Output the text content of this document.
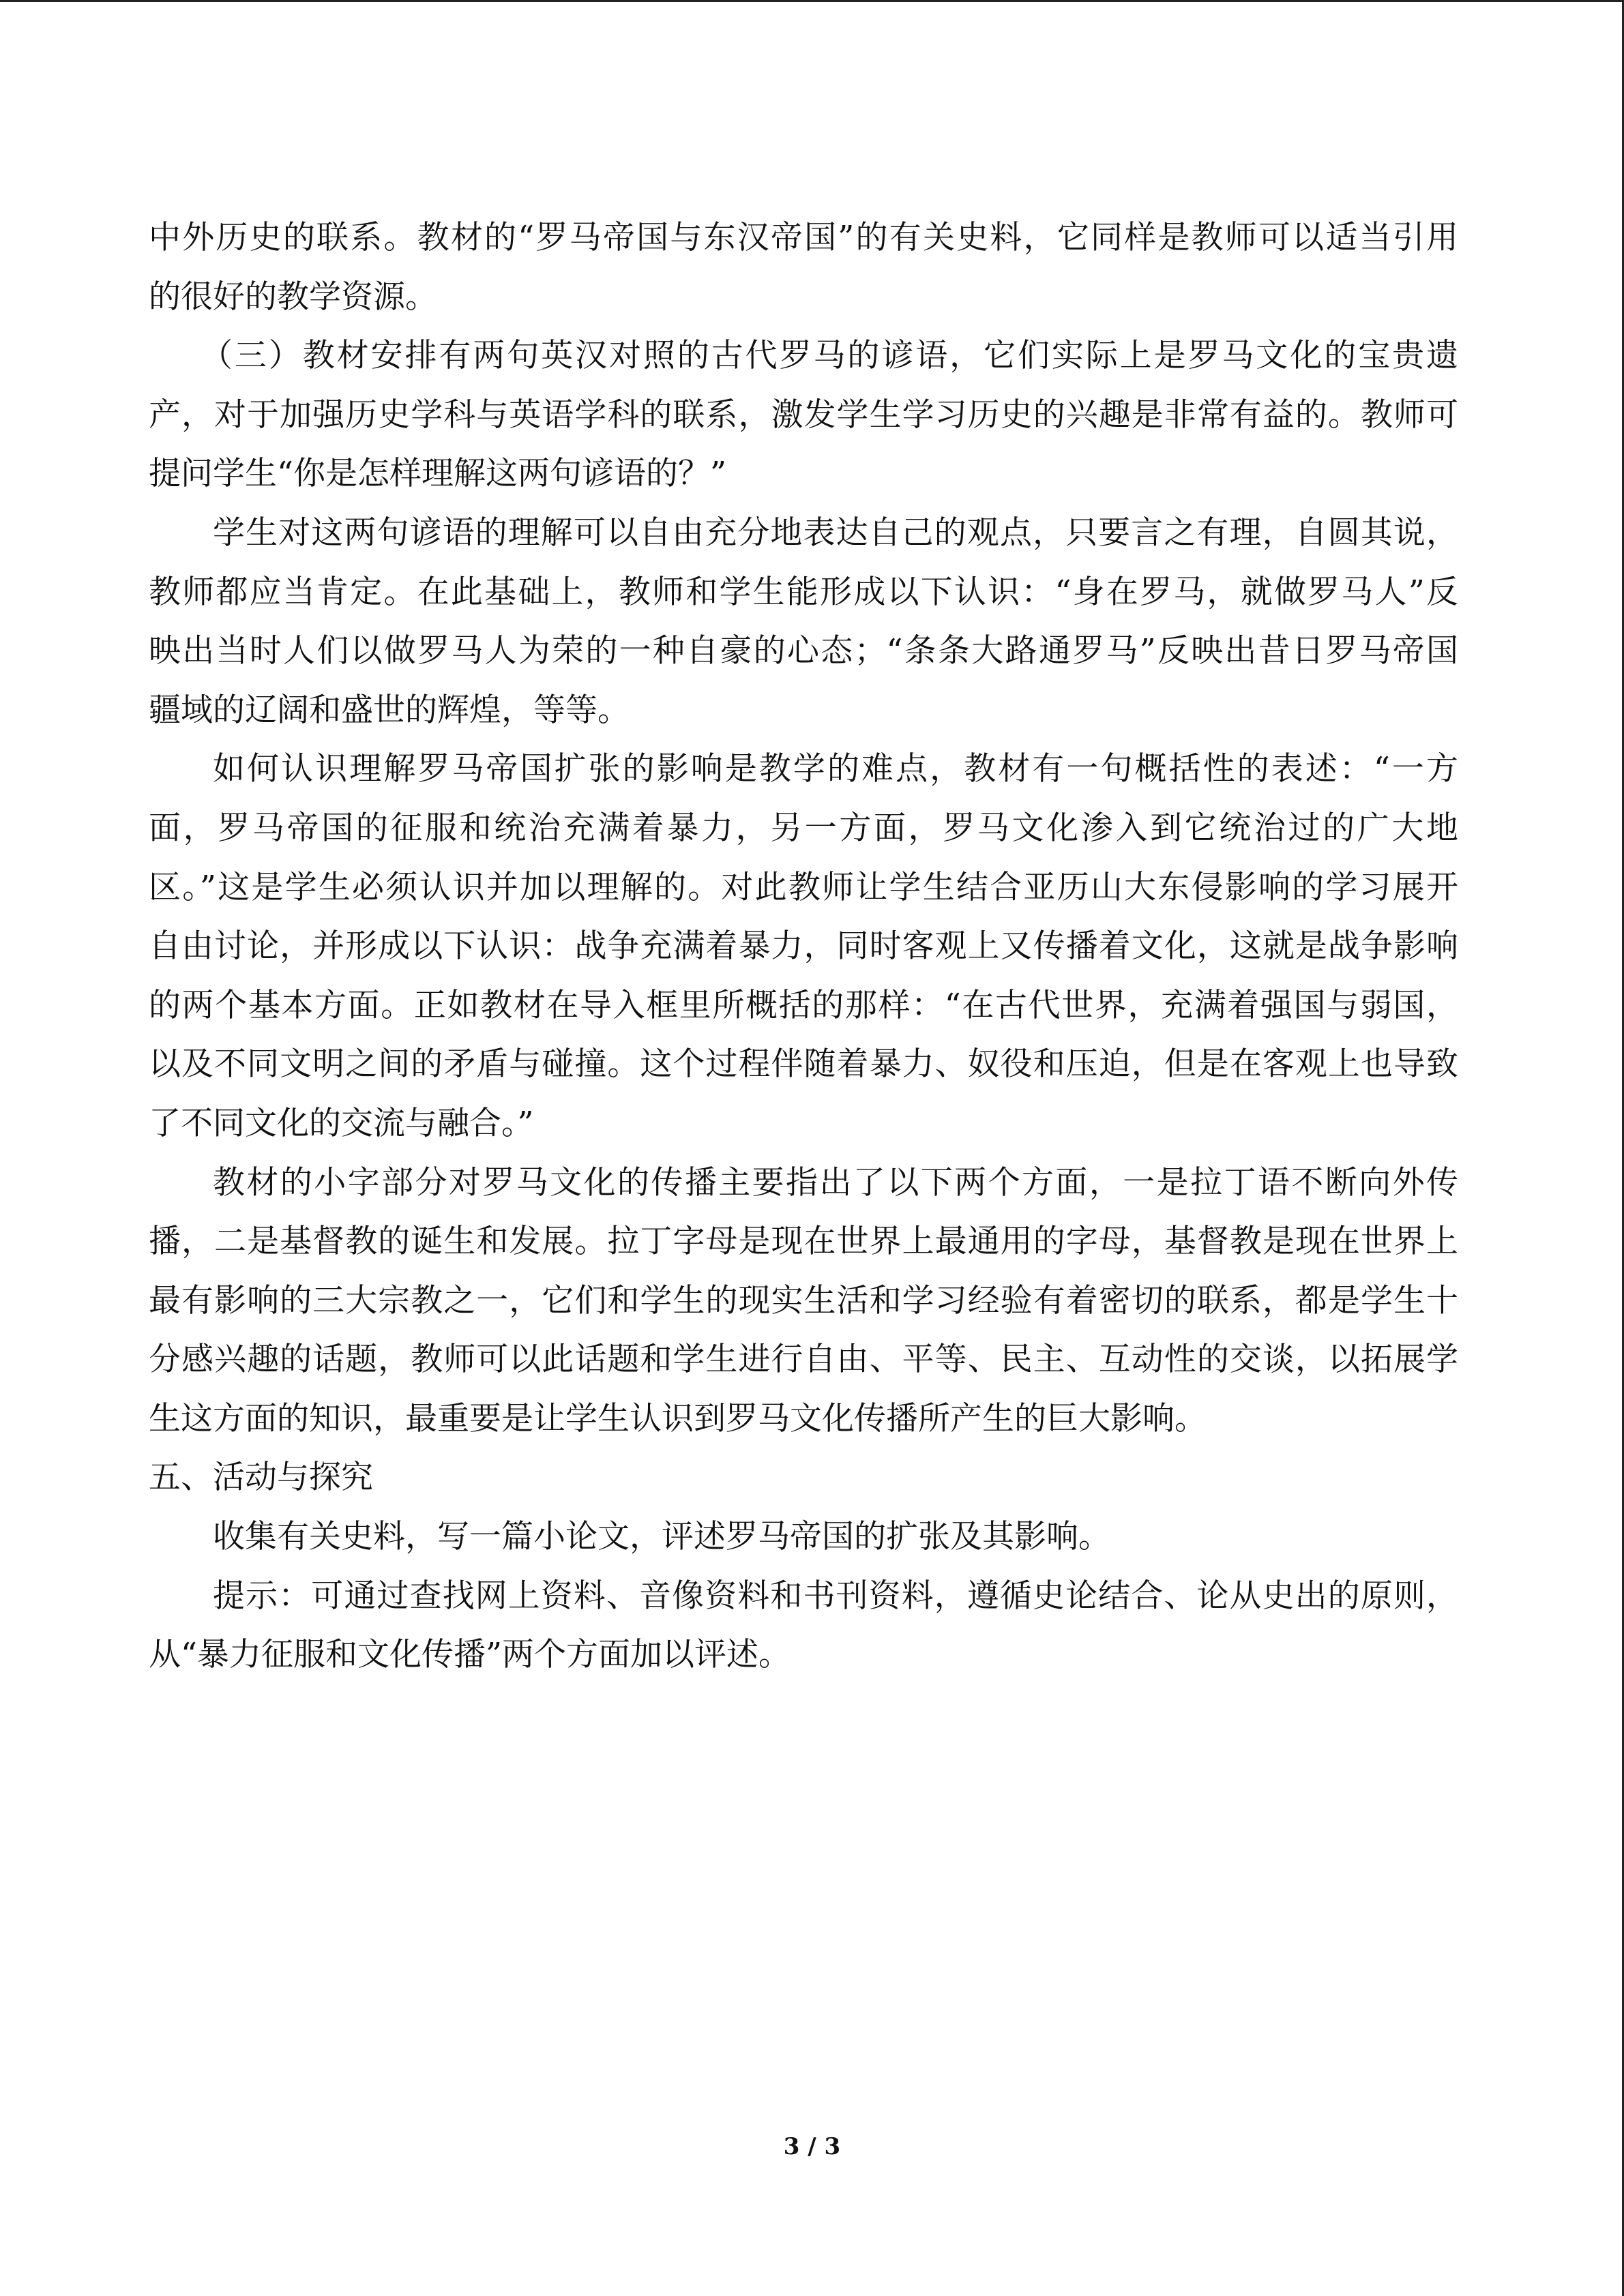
中外历史的联系。教材的“罗马帝国与东汉帝国”的有关史料，它同样是教师可以适当引用
的很好的教学资源。
（三）教材安排有两句英汉对照的古代罗马的谚语，它们实际上是罗马文化的宝贵遗
产，对于加强历史学科与英语学科的联系，激发学生学习历史的兴趣是非常有益的。教师可
提问学生“你是怎样理解这两句谚语的？”
学生对这两句谚语的理解可以自由充分地表达自己的观点，只要言之有理，自圆其说，
教师都应当肯定。在此基础上，教师和学生能形成以下认识：“身在罗马，就做罗马人”反
映出当时人们以做罗马人为荣的一种自豪的心态；“条条大路通罗马”反映出昔日罗马帝国
疆域的辽阔和盛世的辉煌，等等。
如何认识理解罗马帝国扩张的影响是教学的难点，教材有一句概括性的表述：“一方
面，罗马帝国的征服和统治充满着暴力，另一方面，罗马文化渗入到它统治过的广大地
区。”这是学生必须认识并加以理解的。对此教师让学生结合亚历山大东侵影响的学习展开
自由讨论，并形成以下认识：战争充满着暴力，同时客观上又传播着文化，这就是战争影响
的两个基本方面。正如教材在导入框里所概括的那样：“在古代世界，充满着强国与弱国，
以及不同文明之间的矛盾与碰撞。这个过程伴随着暴力、奴役和压迫，但是在客观上也导致
了不同文化的交流与融合。”
教材的小字部分对罗马文化的传播主要指出了以下两个方面，一是拉丁语不断向外传
播，二是基督教的诞生和发展。拉丁字母是现在世界上最通用的字母，基督教是现在世界上
最有影响的三大宗教之一，它们和学生的现实生活和学习经验有着密切的联系，都是学生十
分感兴趣的话题，教师可以此话题和学生进行自由、平等、民主、互动性的交谈，以拓展学
生这方面的知识，最重要是让学生认识到罗马文化传播所产生的巨大影响。
五、活动与探究
收集有关史料，写一篇小论文，评述罗马帝国的扩张及其影响。
提示：可通过查找网上资料、音像资料和书刊资料，遵循史论结合、论从史出的原则，
从“暴力征服和文化传播”两个方面加以评述。
3 / 3
